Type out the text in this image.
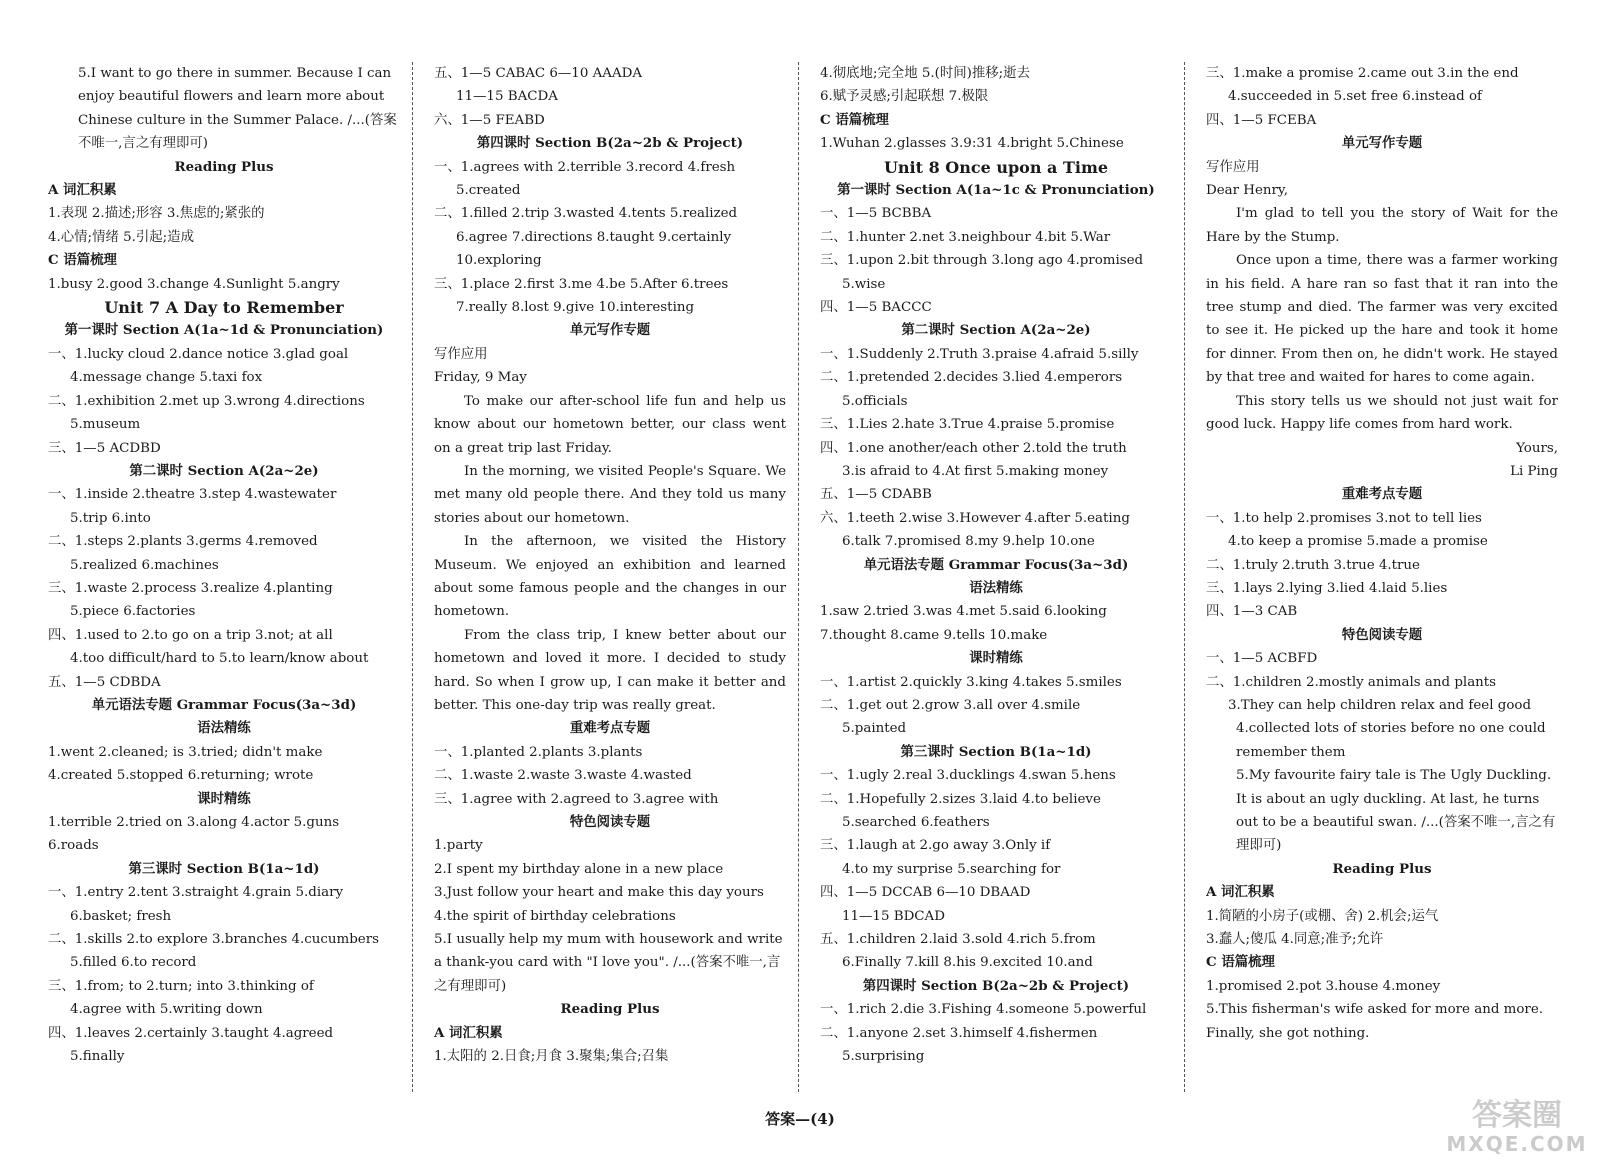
5.I want to go there in summer. Because I can enjoy beautiful flowers and learn more about Chinese culture in the Summer Palace. /...(答案不唯一,言之有理即可)
Reading Plus
A 词汇积累
1.表现 2.描述;形容 3.焦虑的;紧张的
4.心情;情绪 5.引起;造成
C 语篇梳理
1.busy 2.good 3.change 4.Sunlight 5.angry
Unit 7 A Day to Remember
第一课时 Section A(1a~1d & Pronunciation)
一、1.lucky cloud 2.dance notice 3.glad goal
4.message change 5.taxi fox
二、1.exhibition 2.met up 3.wrong 4.directions
5.museum
三、1—5 ACDBD
第二课时 Section A(2a~2e)
一、1.inside 2.theatre 3.step 4.wastewater
5.trip 6.into
二、1.steps 2.plants 3.germs 4.removed
5.realized 6.machines
三、1.waste 2.process 3.realize 4.planting
5.piece 6.factories
四、1.used to 2.to go on a trip 3.not; at all
4.too difficult/hard to 5.to learn/know about
五、1—5 CDBDA
单元语法专题 Grammar Focus(3a~3d)
语法精练
1.went 2.cleaned; is 3.tried; didn't make
4.created 5.stopped 6.returning; wrote
课时精练
1.terrible 2.tried on 3.along 4.actor 5.guns
6.roads
第三课时 Section B(1a~1d)
一、1.entry 2.tent 3.straight 4.grain 5.diary
6.basket; fresh
二、1.skills 2.to explore 3.branches 4.cucumbers
5.filled 6.to record
三、1.from; to 2.turn; into 3.thinking of
4.agree with 5.writing down
四、1.leaves 2.certainly 3.taught 4.agreed
5.finally
五、1—5 CABAC 6—10 AAADA
11—15 BACDA
六、1—5 FEABD
第四课时 Section B(2a~2b & Project)
一、1.agrees with 2.terrible 3.record 4.fresh
5.created
二、1.filled 2.trip 3.wasted 4.tents 5.realized
6.agree 7.directions 8.taught 9.certainly
10.exploring
三、1.place 2.first 3.me 4.be 5.After 6.trees
7.really 8.lost 9.give 10.interesting
单元写作专题
写作应用
Friday, 9 May
To make our after-school life fun and help us know about our hometown better, our class went on a great trip last Friday.
In the morning, we visited People's Square. We met many old people there. And they told us many stories about our hometown.
In the afternoon, we visited the History Museum. We enjoyed an exhibition and learned about some famous people and the changes in our hometown.
From the class trip, I knew better about our hometown and loved it more. I decided to study hard. So when I grow up, I can make it better and better. This one-day trip was really great.
重难考点专题
一、1.planted 2.plants 3.plants
二、1.waste 2.waste 3.waste 4.wasted
三、1.agree with 2.agreed to 3.agree with
特色阅读专题
1.party
2.I spent my birthday alone in a new place
3.Just follow your heart and make this day yours
4.the spirit of birthday celebrations
5.I usually help my mum with housework and write a thank-you card with "I love you". /...(答案不唯一,言之有理即可)
Reading Plus
A 词汇积累
1.太阳的 2.日食;月食 3.聚集;集合;召集
4.彻底地;完全地 5.(时间)推移;逝去
6.赋予灵感;引起联想 7.极限
C 语篇梳理
1.Wuhan 2.glasses 3.9:31 4.bright 5.Chinese
Unit 8 Once upon a Time
第一课时 Section A(1a~1c & Pronunciation)
一、1—5 BCBBA
二、1.hunter 2.net 3.neighbour 4.bit 5.War
三、1.upon 2.bit through 3.long ago 4.promised
5.wise
四、1—5 BACCC
第二课时 Section A(2a~2e)
一、1.Suddenly 2.Truth 3.praise 4.afraid 5.silly
二、1.pretended 2.decides 3.lied 4.emperors
5.officials
三、1.Lies 2.hate 3.True 4.praise 5.promise
四、1.one another/each other 2.told the truth
3.is afraid to 4.At first 5.making money
五、1—5 CDABB
六、1.teeth 2.wise 3.However 4.after 5.eating
6.talk 7.promised 8.my 9.help 10.one
单元语法专题 Grammar Focus(3a~3d)
语法精练
1.saw 2.tried 3.was 4.met 5.said 6.looking
7.thought 8.came 9.tells 10.make
课时精练
一、1.artist 2.quickly 3.king 4.takes 5.smiles
二、1.get out 2.grow 3.all over 4.smile
5.painted
第三课时 Section B(1a~1d)
一、1.ugly 2.real 3.ducklings 4.swan 5.hens
二、1.Hopefully 2.sizes 3.laid 4.to believe
5.searched 6.feathers
三、1.laugh at 2.go away 3.Only if
4.to my surprise 5.searching for
四、1—5 DCCAB 6—10 DBAAD
11—15 BDCAD
五、1.children 2.laid 3.sold 4.rich 5.from
6.Finally 7.kill 8.his 9.excited 10.and
第四课时 Section B(2a~2b & Project)
一、1.rich 2.die 3.Fishing 4.someone 5.powerful
二、1.anyone 2.set 3.himself 4.fishermen
5.surprising
三、1.make a promise 2.came out 3.in the end
4.succeeded in 5.set free 6.instead of
四、1—5 FCEBA
单元写作专题
写作应用
Dear Henry,
I'm glad to tell you the story of Wait for the Hare by the Stump.
Once upon a time, there was a farmer working in his field. A hare ran so fast that it ran into the tree stump and died. The farmer was very excited to see it. He picked up the hare and took it home for dinner. From then on, he didn't work. He stayed by that tree and waited for hares to come again.
This story tells us we should not just wait for good luck. Happy life comes from hard work.
Yours,
Li Ping
重难考点专题
一、1.to help 2.promises 3.not to tell lies
4.to keep a promise 5.made a promise
二、1.truly 2.truth 3.true 4.true
三、1.lays 2.lying 3.lied 4.laid 5.lies
四、1—3 CAB
特色阅读专题
一、1—5 ACBFD
二、1.children 2.mostly animals and plants
3.They can help children relax and feel good
4.collected lots of stories before no one could remember them
5.My favourite fairy tale is The Ugly Duckling. It is about an ugly duckling. At last, he turns out to be a beautiful swan. /...(答案不唯一,言之有理即可)
Reading Plus
A 词汇积累
1.简陋的小房子(或棚、舍) 2.机会;运气
3.蠢人;傻瓜 4.同意;准予;允许
C 语篇梳理
1.promised 2.pot 3.house 4.money
5.This fisherman's wife asked for more and more. Finally, she got nothing.
答案—(4)	答案圈
MXQE.COM
